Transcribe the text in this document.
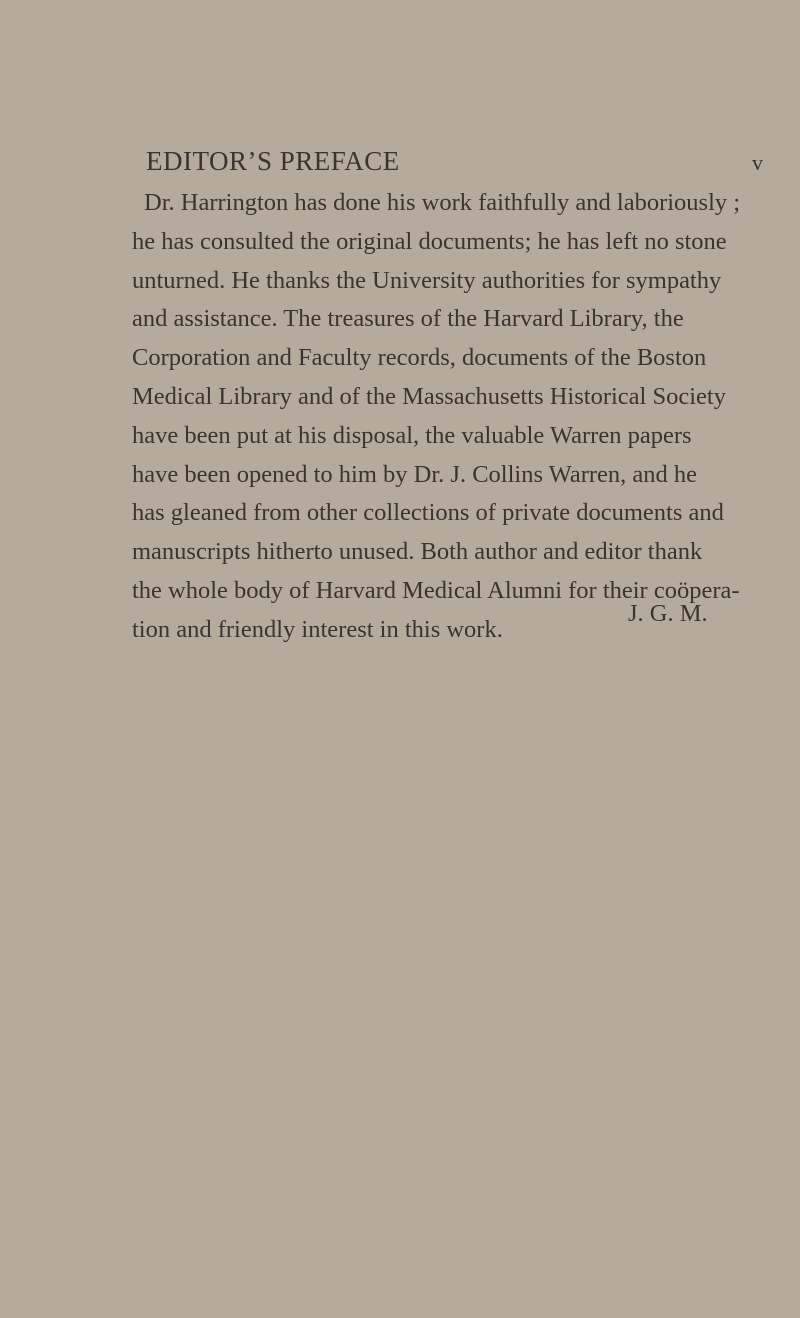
EDITOR’S PREFACE	v
Dr. Harrington has done his work faithfully and laboriously ;
he has consulted the original documents; he has left no stone
unturned. He thanks the University authorities for sympathy
and assistance. The treasures of the Harvard Library, the
Corporation and Faculty records, documents of the Boston
Medical Library and of the Massachusetts Historical Society
have been put at his disposal, the valuable Warren papers
have been opened to him by Dr. J. Collins Warren, and he
has gleaned from other collections of private documents and
manuscripts hitherto unused. Both author and editor thank
the whole body of Harvard Medical Alumni for their coöpera-
tion and friendly interest in this work.
J. G. M.
